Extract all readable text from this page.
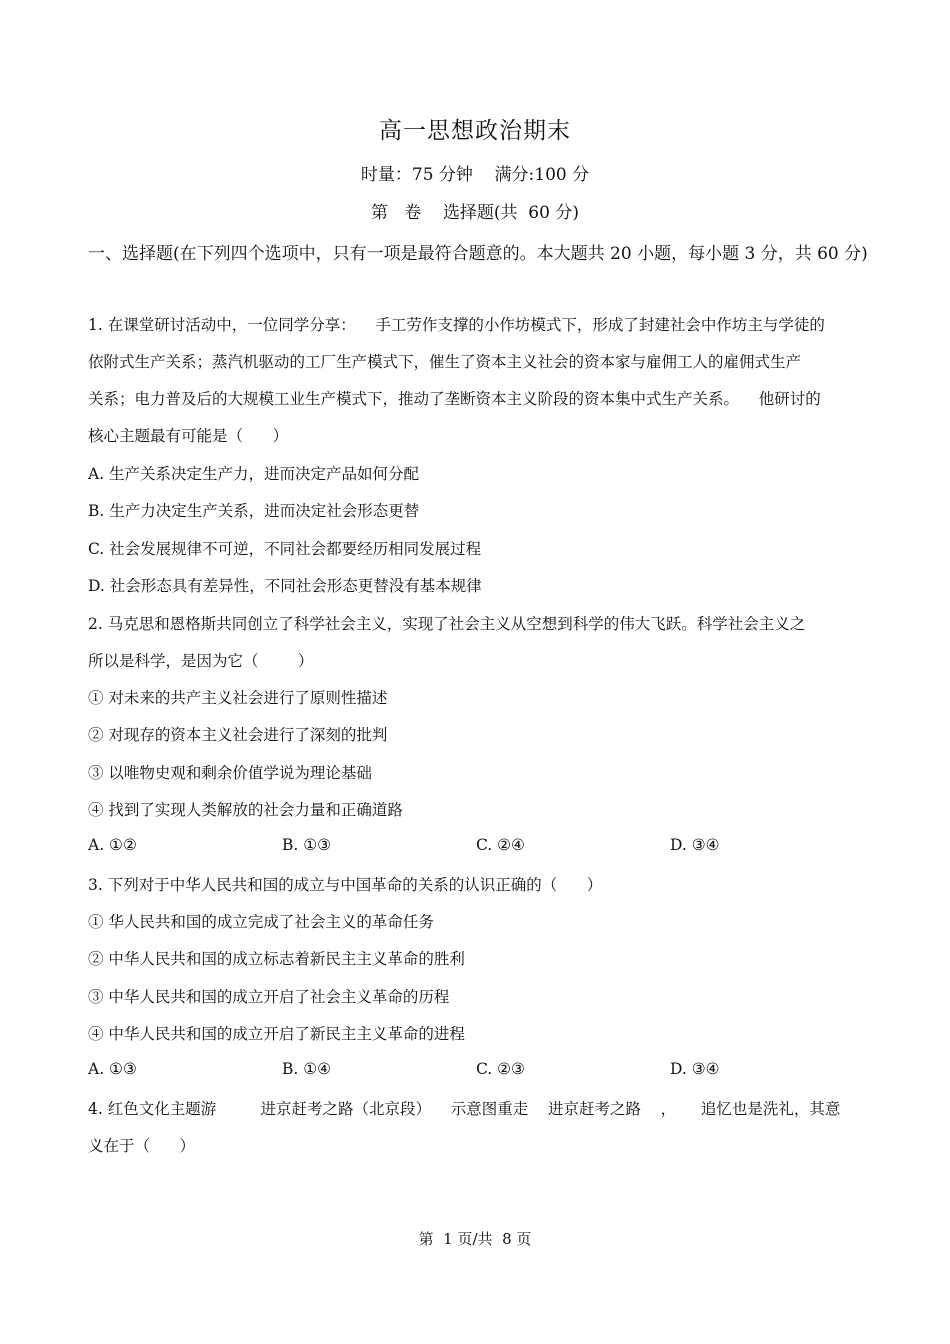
高一思想政治期末
时量：75 分钟    满分:100 分
第   卷    选择题(共  60 分)
一、选择题(在下列四个选项中，只有一项是最符合题意的。本大题共 20 小题，每小题 3 分，共 60 分)
1. 在课堂研讨活动中，一位同学分享：    手工劳作支撑的小作坊模式下，形成了封建社会中作坊主与学徒的
依附式生产关系；蒸汽机驱动的工厂生产模式下，催生了资本主义社会的资本家与雇佣工人的雇佣式生产
关系；电力普及后的大规模工业生产模式下，推动了垄断资本主义阶段的资本集中式生产关系。    他研讨的
核心主题最有可能是（      ）
A. 生产关系决定生产力，进而决定产品如何分配
B. 生产力决定生产关系，进而决定社会形态更替
C. 社会发展规律不可逆，不同社会都要经历相同发展过程
D. 社会形态具有差异性，不同社会形态更替没有基本规律
2. 马克思和恩格斯共同创立了科学社会主义，实现了社会主义从空想到科学的伟大飞跃。科学社会主义之
所以是科学，是因为它（        ）
① 对未来的共产主义社会进行了原则性描述
② 对现存的资本主义社会进行了深刻的批判
③ 以唯物史观和剩余价值学说为理论基础
④ 找到了实现人类解放的社会力量和正确道路
A. ①②	B. ①③	C. ②④	D. ③④
3. 下列对于中华人民共和国的成立与中国革命的关系的认识正确的（      ）
① 华人民共和国的成立完成了社会主义的革命任务
② 中华人民共和国的成立标志着新民主主义革命的胜利
③ 中华人民共和国的成立开启了社会主义革命的历程
④ 中华人民共和国的成立开启了新民主主义革命的进程
A. ①③	B. ①④	C. ②③	D. ③④
4. 红色文化主题游         进京赶考之路（北京段）    示意图重走    进京赶考之路    ，     追忆也是洗礼，其意
义在于（      ）
第  1 页/共  8 页
